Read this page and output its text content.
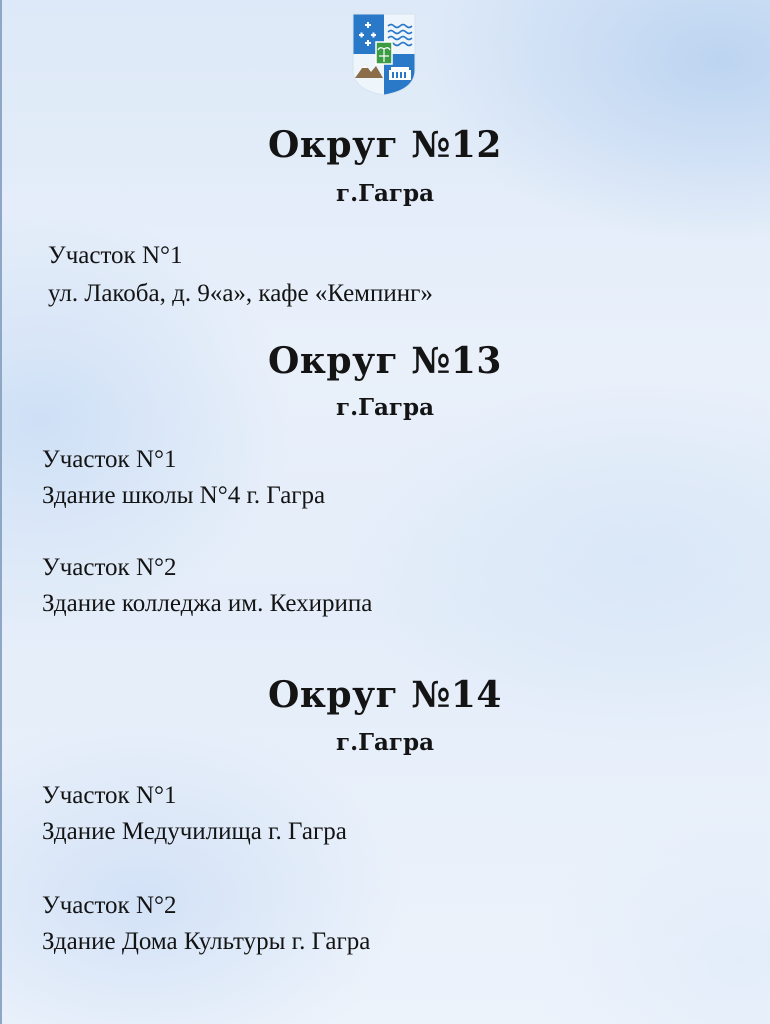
Округ №12
г.Гагра
Участок N°1
ул. Лакоба, д. 9«а», кафе «Кемпинг»
Округ №13
г.Гагра
Участок N°1
Здание школы N°4 г. Гагра
Участок N°2
Здание колледжа им. Кехирипа
Округ №14
г.Гагра
Участок N°1
Здание Медучилища г. Гагра
Участок N°2
Здание Дома Культуры г. Гагра
